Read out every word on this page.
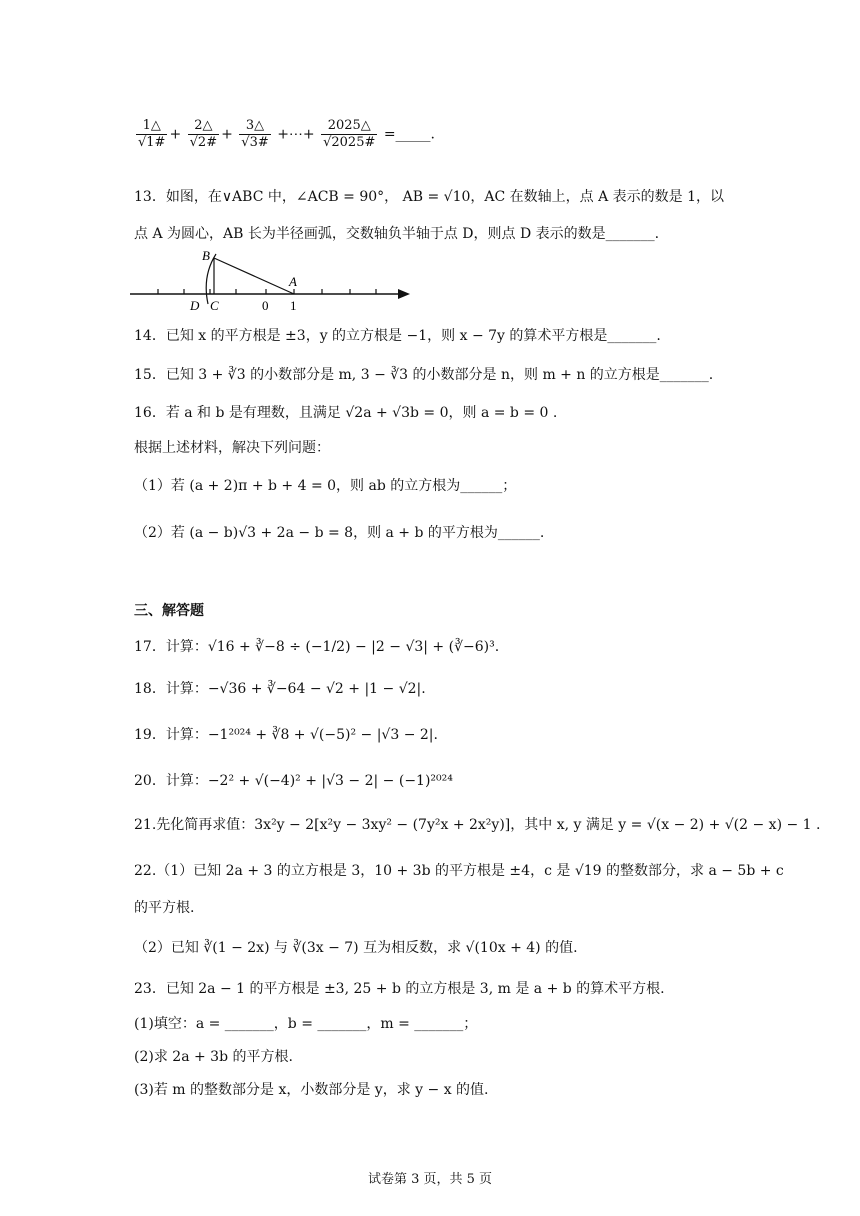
$\frac{1\triangle}{√1\#} + \frac{2\triangle}{√2\#} + \frac{3\triangle}{√3\#}$ +⋯+ $\frac{2025\triangle}{√2025\#}$ =_____.
13．如图，在∨ABC 中，∠ACB = 90°， AB = √10，AC 在数轴上，点 A 表示的数是 1，以
点 A 为圆心，AB 长为半径画弧，交数轴负半轴于点 D，则点 D 表示的数是_______.
B
A
D C	0 1
14．已知 x 的平方根是 ±3，y 的立方根是 −1，则 x − 7y 的算术平方根是_______.
15．已知 3 + ∛3 的小数部分是 m, 3 − ∛3 的小数部分是 n，则 m + n 的立方根是_______.
16．若 a 和 b 是有理数，且满足 √2a + √3b = 0，则 a = b = 0 .
根据上述材料，解决下列问题：
（1）若 (a + 2)π + b + 4 = 0，则 ab 的立方根为______；
（2）若 (a − b)√3 + 2a − b = 8，则 a + b 的平方根为______.
三、解答题
17．计算：√16 + ∛−8 ÷ (−1/2) − |2 − √3| + (∛−6)³.
18．计算：−√36 + ∛−64 − √2 + |1 − √2|.
19．计算：−1²⁰²⁴ + ∛8 + √(−5)² − |√3 − 2|.
20．计算：−2² + √(−4)² + |√3 − 2| − (−1)²⁰²⁴
21.先化简再求值：3x²y − 2[x²y − 3xy² − (7y²x + 2x²y)]，其中 x, y 满足 y = √(x − 2) + √(2 − x) − 1 .
22.（1）已知 2a + 3 的立方根是 3，10 + 3b 的平方根是 ±4，c 是 √19 的整数部分，求 a − 5b + c
的平方根.
（2）已知 ∛(1 − 2x) 与 ∛(3x − 7) 互为相反数，求 √(10x + 4) 的值.
23．已知 2a − 1 的平方根是 ±3, 25 + b 的立方根是 3, m 是 a + b 的算术平方根.
(1)填空：a = _______，b = _______，m = _______；
(2)求 2a + 3b 的平方根.
(3)若 m 的整数部分是 x，小数部分是 y，求 y − x 的值.
试卷第 3 页，共 5 页
